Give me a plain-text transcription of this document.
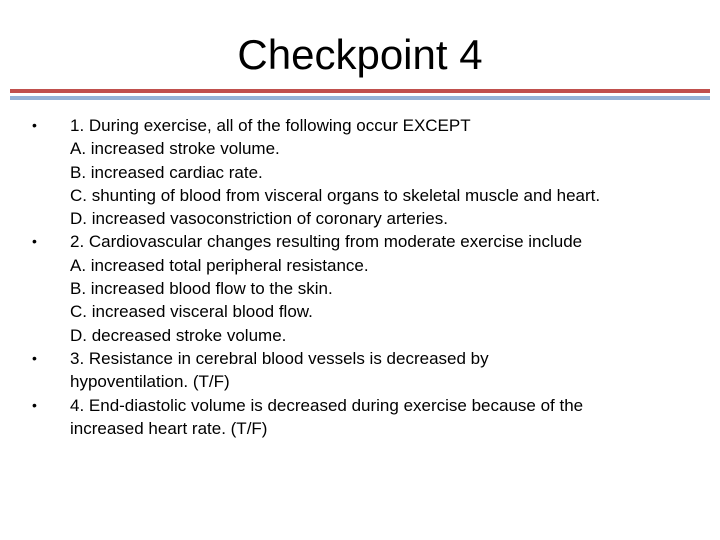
Checkpoint 4
•	1. During exercise, all of the following occur EXCEPT
A. increased stroke volume.
B. increased cardiac rate.
C. shunting of blood from visceral organs to skeletal muscle and heart.
D. increased vasoconstriction of coronary arteries.
•	2. Cardiovascular changes resulting from moderate exercise include
A. increased total peripheral resistance.
B. increased blood flow to the skin.
C. increased visceral blood flow.
D. decreased stroke volume.
•	3. Resistance in cerebral blood vessels is decreased by
hypoventilation. (T/F)
•	4. End-diastolic volume is decreased during exercise because of the
increased heart rate. (T/F)
